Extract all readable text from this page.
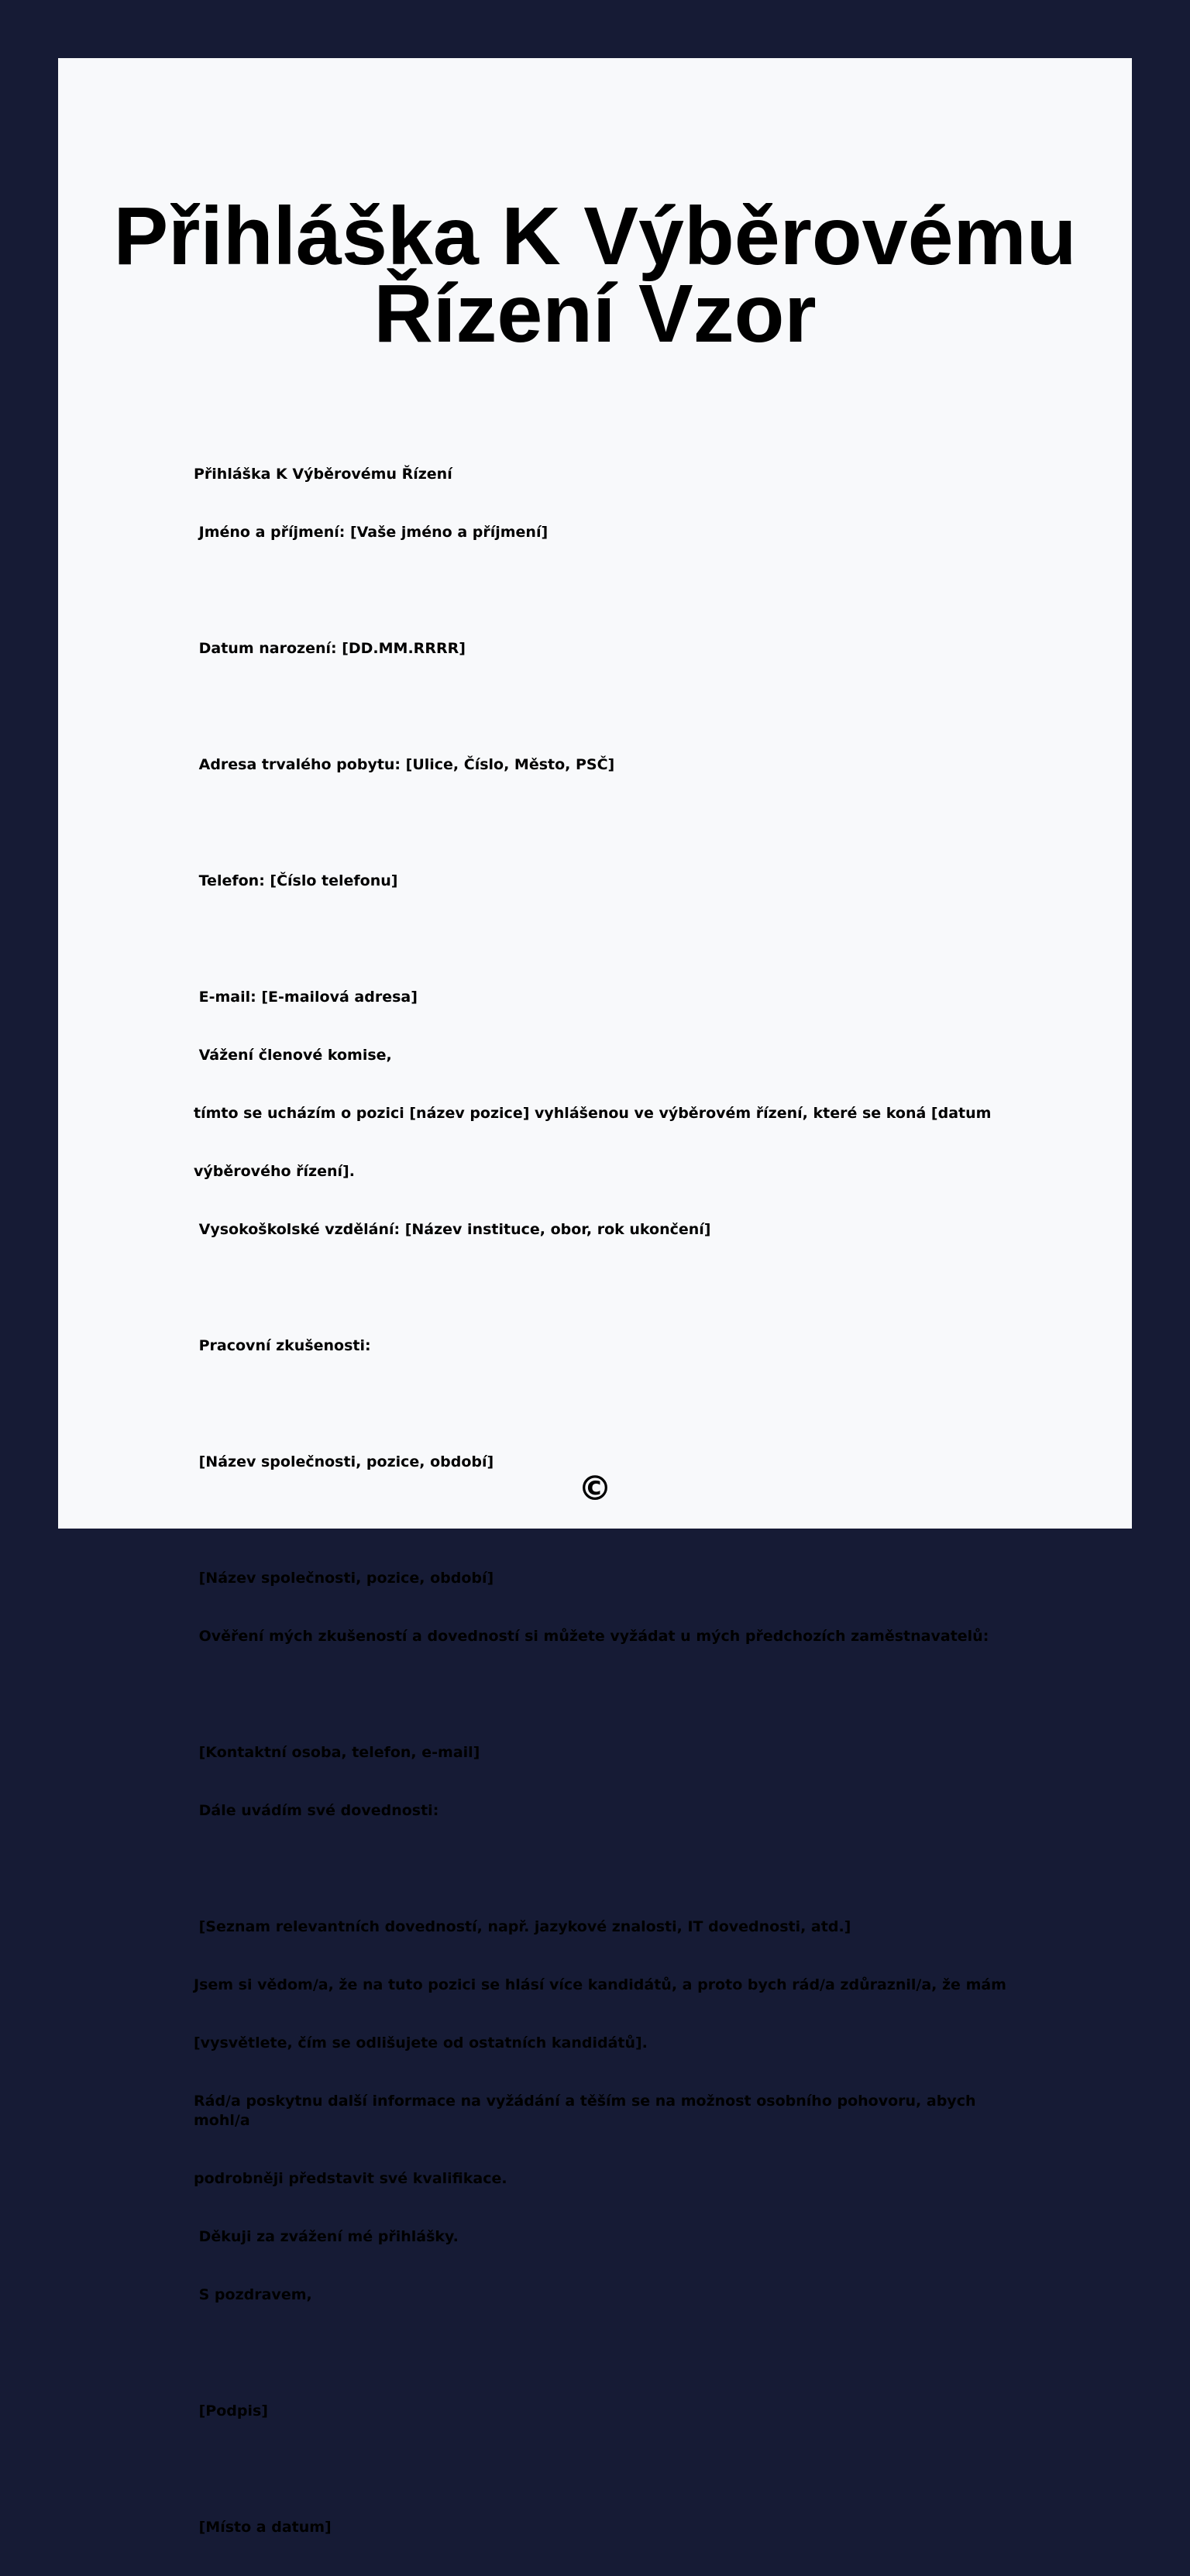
Přihláška K Výběrovému
Řízení Vzor

Přihláška K Výběrovému Řízení

Jméno a příjmení: [Vaše jméno a příjmení]

Datum narození: [DD.MM.RRRR]

Adresa trvalého pobytu: [Ulice, Číslo, Město, PSČ]

Telefon: [Číslo telefonu]

E-mail: [E-mailová adresa]

Vážení členové komise,

tímto se ucházím o pozici [název pozice] vyhlášenou ve výběrovém řízení, které se koná [datum

výběrového řízení].

Vysokoškolské vzdělání: [Název instituce, obor, rok ukončení]

Pracovní zkušenosti:

[Název společnosti, pozice, období]

[Název společnosti, pozice, období]

Ověření mých zkušeností a dovedností si můžete vyžádat u mých předchozích zaměstnavatelů:

[Kontaktní osoba, telefon, e-mail]

Dále uvádím své dovednosti:

[Seznam relevantních dovedností, např. jazykové znalosti, IT dovednosti, atd.]

Jsem si vědom/a, že na tuto pozici se hlásí více kandidátů, a proto bych rád/a zdůraznil/a, že mám

[vysvětlete, čím se odlišujete od ostatních kandidátů].

Rád/a poskytnu další informace na vyžádání a těším se na možnost osobního pohovoru, abych mohl/a

podrobněji představit své kvalifikace.

Děkuji za zvážení mé přihlášky.

S pozdravem,

[Podpis]

[Místo a datum]

©
